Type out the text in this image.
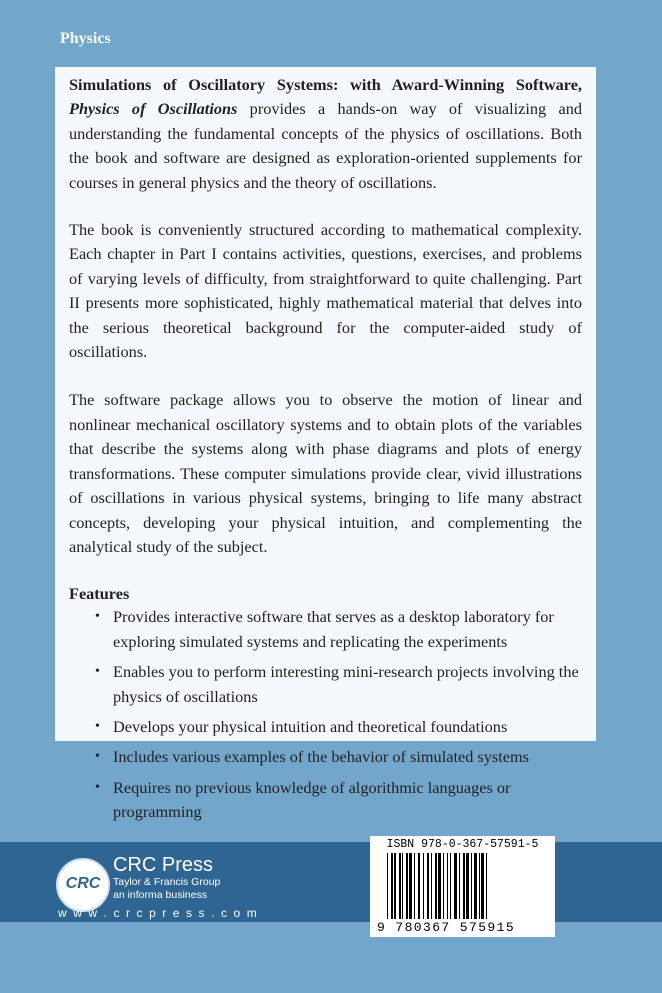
Physics

Simulations of Oscillatory Systems: with Award-Winning Software, Physics of Oscillations provides a hands-on way of visualizing and understanding the fundamental concepts of the physics of oscillations. Both the book and software are designed as exploration-oriented supplements for courses in general physics and the theory of oscillations.

The book is conveniently structured according to mathematical complexity. Each chapter in Part I contains activities, questions, exercises, and problems of varying levels of difficulty, from straightforward to quite challenging. Part II presents more sophisticated, highly mathematical material that delves into the serious theoretical background for the computer-aided study of oscillations.

The software package allows you to observe the motion of linear and nonlinear mechanical oscillatory systems and to obtain plots of the variables that describe the systems along with phase diagrams and plots of energy transformations. These computer simulations provide clear, vivid illustrations of oscillations in various physical systems, bringing to life many abstract concepts, developing your physical intuition, and complementing the analytical study of the subject.

Features
• Provides interactive software that serves as a desktop laboratory for exploring simulated systems and replicating the experiments
• Enables you to perform interesting mini-research projects involving the physics of oscillations
• Develops your physical intuition and theoretical foundations
• Includes various examples of the behavior of simulated systems
• Requires no previous knowledge of algorithmic languages or programming
CRC
CRC Press
Taylor & Francis Group
an informa business
w w w . c r c p r e s s . c o m
ISBN 978-0-367-57591-5
9 780367 575915
